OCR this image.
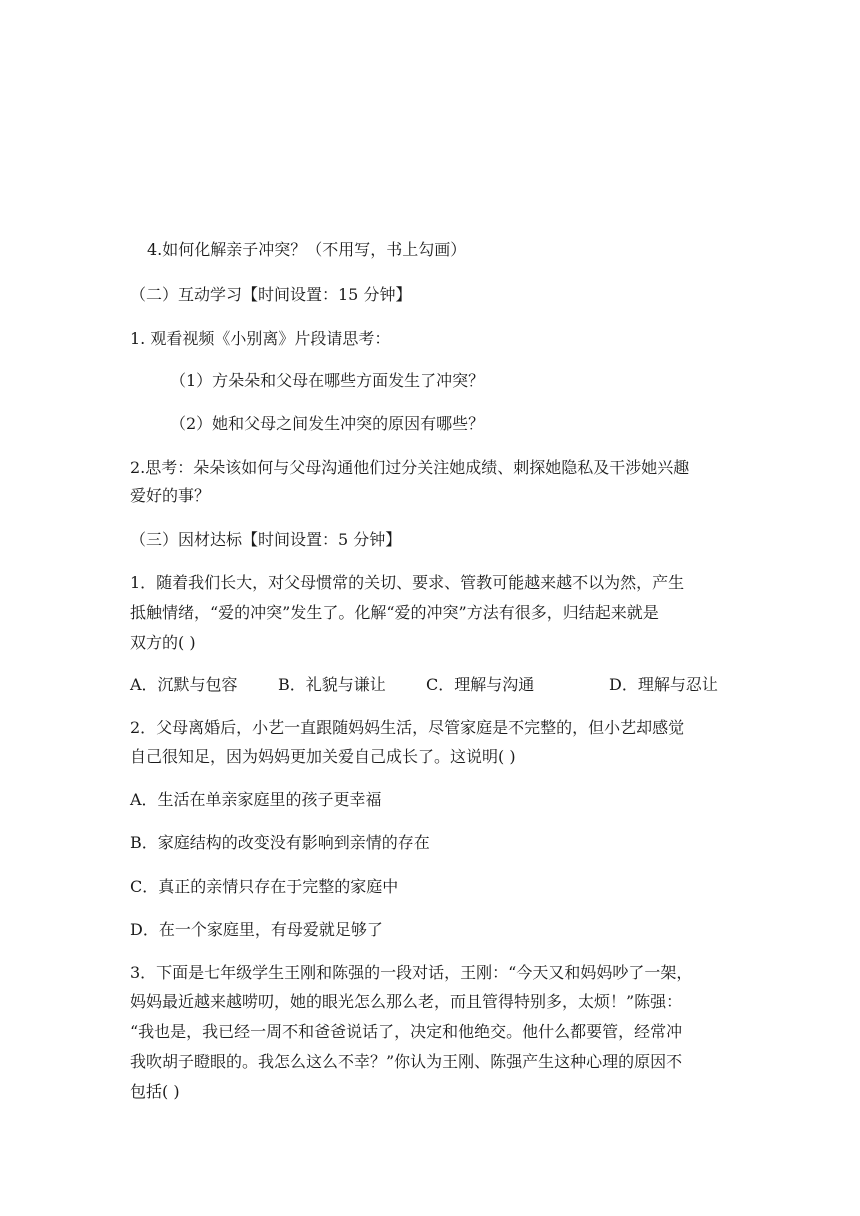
4.如何化解亲子冲突？（不用写，书上勾画）
（二）互动学习【时间设置：15 分钟】
1. 观看视频《小别离》片段请思考：
（1）方朵朵和父母在哪些方面发生了冲突？
（2）她和父母之间发生冲突的原因有哪些？
2.思考：朵朵该如何与父母沟通他们过分关注她成绩、刺探她隐私及干涉她兴趣
爱好的事？
（三）因材达标【时间设置：5 分钟】
1．随着我们长大，对父母惯常的关切、要求、管教可能越来越不以为然，产生
抵触情绪，“爱的冲突”发生了。化解“爱的冲突”方法有很多，归结起来就是
双方的( )
A．沉默与包容	B．礼貌与谦让	C．理解与沟通	D．理解与忍让
2．父母离婚后，小艺一直跟随妈妈生活，尽管家庭是不完整的，但小艺却感觉
自己很知足，因为妈妈更加关爱自己成长了。这说明( )
A．生活在单亲家庭里的孩子更幸福
B．家庭结构的改变没有影响到亲情的存在
C．真正的亲情只存在于完整的家庭中
D．在一个家庭里，有母爱就足够了
3．下面是七年级学生王刚和陈强的一段对话，王刚：“今天又和妈妈吵了一架，
妈妈最近越来越唠叨，她的眼光怎么那么老，而且管得特别多，太烦！”陈强：
“我也是，我已经一周不和爸爸说话了，决定和他绝交。他什么都要管，经常冲
我吹胡子瞪眼的。我怎么这么不幸？”你认为王刚、陈强产生这种心理的原因不
包括( )
